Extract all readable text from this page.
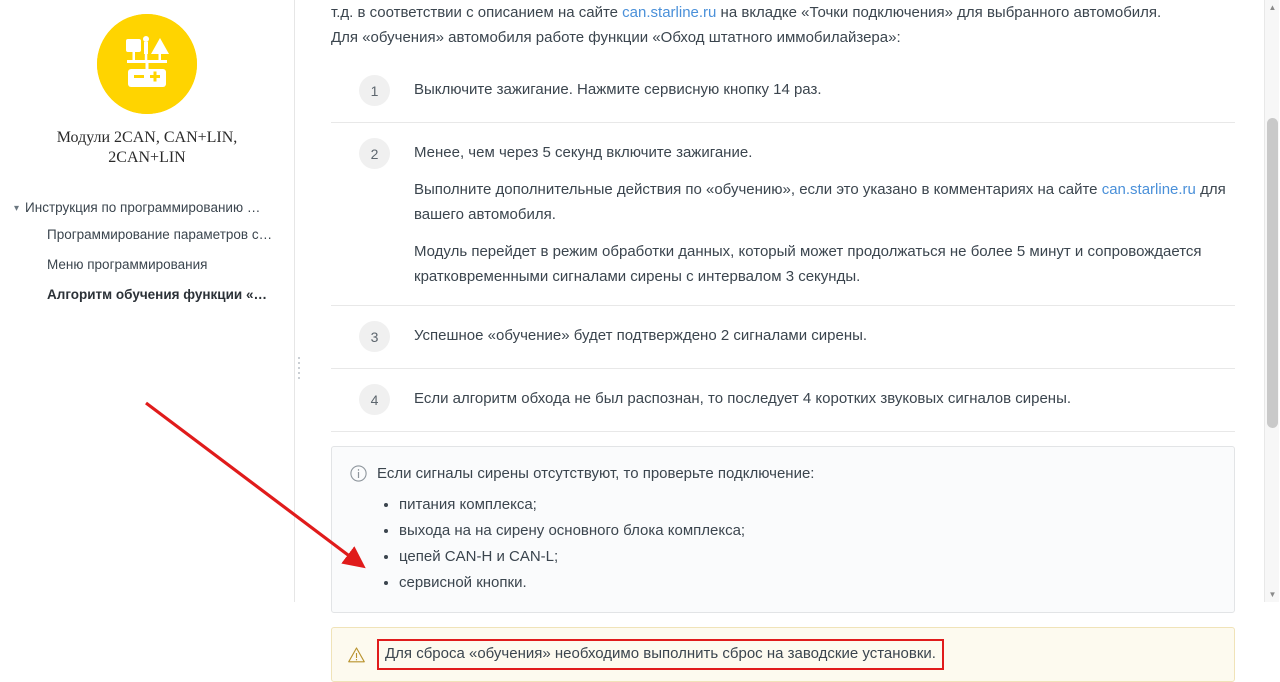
Модули 2CAN, CAN+LIN, 2CAN+LIN
▾ Инструкция по программированию …
Программирование параметров с…
Меню программирования
Алгоритм обучения функции «…

т.д. в соответствии с описанием на сайте can.starline.ru на вкладке «Точки подключения» для выбранного автомобиля.
Для «обучения» автомобиля работе функции «Обход штатного иммобилайзера»:

1	Выключите зажигание. Нажмите сервисную кнопку 14 раз.

2	Менее, чем через 5 секунд включите зажигание.

Выполните дополнительные действия по «обучению», если это указано в комментариях на сайте can.starline.ru для вашего автомобиля.

Модуль перейдет в режим обработки данных, который может продолжаться не более 5 минут и сопровождается кратковременными сигналами сирены с интервалом 3 секунды.

3	Успешное «обучение» будет подтверждено 2 сигналами сирены.

4	Если алгоритм обхода не был распознан, то последует 4 коротких звуковых сигналов сирены.

Если сигналы сирены отсутствуют, то проверьте подключение:
• питания комплекса;
• выхода на на сирену основного блока комплекса;
• цепей CAN-H и CAN-L;
• сервисной кнопки.
Для сброса «обучения» необходимо выполнить сброс на заводские установки.
▲
▼
